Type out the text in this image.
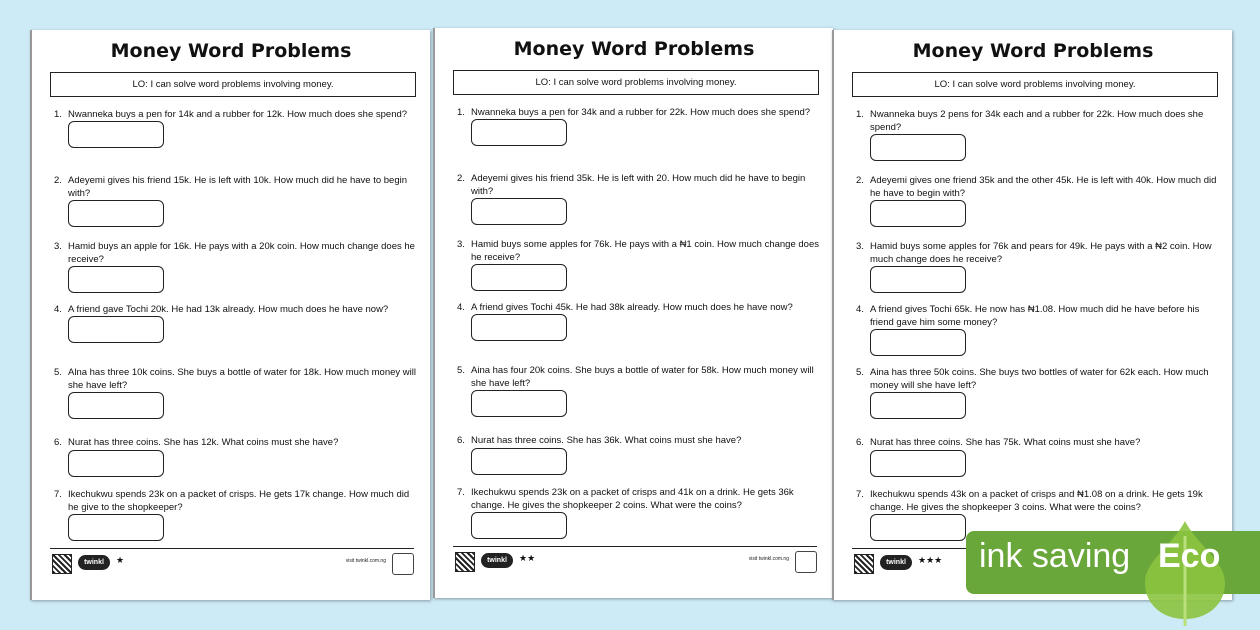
Money Word Problems
LO: I can solve word problems involving money.
1. Nwanneka buys a pen for 14k and a rubber for 12k. How much does she spend?
2. Adeyemi gives his friend 15k. He is left with 10k. How much did he have to begin with?
3. Hamid buys an apple for 16k. He pays with a 20k coin. How much change does he receive?
4. A friend gave Tochi 20k. He had 13k already. How much does he have now?
5. Alna has three 10k coins. She buys a bottle of water for 18k. How much money will she have left?
6. Nurat has three coins. She has 12k. What coins must she have?
7. Ikechukwu spends 23k on a packet of crisps. He gets 17k change. How much did he give to the shopkeeper?
twinkl	★	visit twinkl.com.ng
Money Word Problems
LO: I can solve word problems involving money.
1. Nwanneka buys a pen for 34k and a rubber for 22k. How much does she spend?
2. Adeyemi gives his friend 35k. He is left with 20. How much did he have to begin with?
3. Hamid buys some apples for 76k. He pays with a ₦1 coin. How much change does he receive?
4. A friend gives Tochi 45k. He had 38k already. How much does he have now?
5. Aina has four 20k coins. She buys a bottle of water for 58k. How much money will she have left?
6. Nurat has three coins. She has 36k. What coins must she have?
7. Ikechukwu spends 23k on a packet of crisps and 41k on a drink. He gets 36k change. He gives the shopkeeper 2 coins. What were the coins?
twinkl	★★	visit twinkl.com.ng
Money Word Problems
LO: I can solve word problems involving money.
1. Nwanneka buys 2 pens for 34k each and a rubber for 22k. How much does she spend?
2. Adeyemi gives one friend 35k and the other 45k. He is left with 40k. How much did he have to begin with?
3. Hamid buys some apples for 76k and pears for 49k. He pays with a ₦2 coin. How much change does he receive?
4. A friend gives Tochi 65k. He now has ₦1.08. How much did he have before his friend gave him some money?
5. Aina has three 50k coins. She buys two bottles of water for 62k each. How much money will she have left?
6. Nurat has three coins. She has 75k. What coins must she have?
7. Ikechukwu spends 43k on a packet of crisps and ₦1.08 on a drink. He gets 19k change. He gives the shopkeeper 3 coins. What were the coins?
twinkl	★★★ ink saving Eco
